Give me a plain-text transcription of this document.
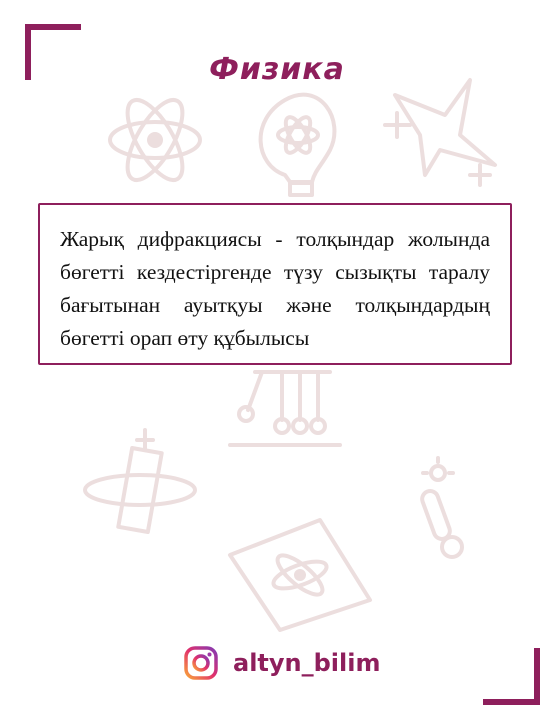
Физика

Жарық дифракциясы - толқындар жолында бөгетті кездестіргенде түзу сызықты таралу бағытынан ауытқуы және толқындардың бөгетті орап өту құбылысы

altyn_bilim
